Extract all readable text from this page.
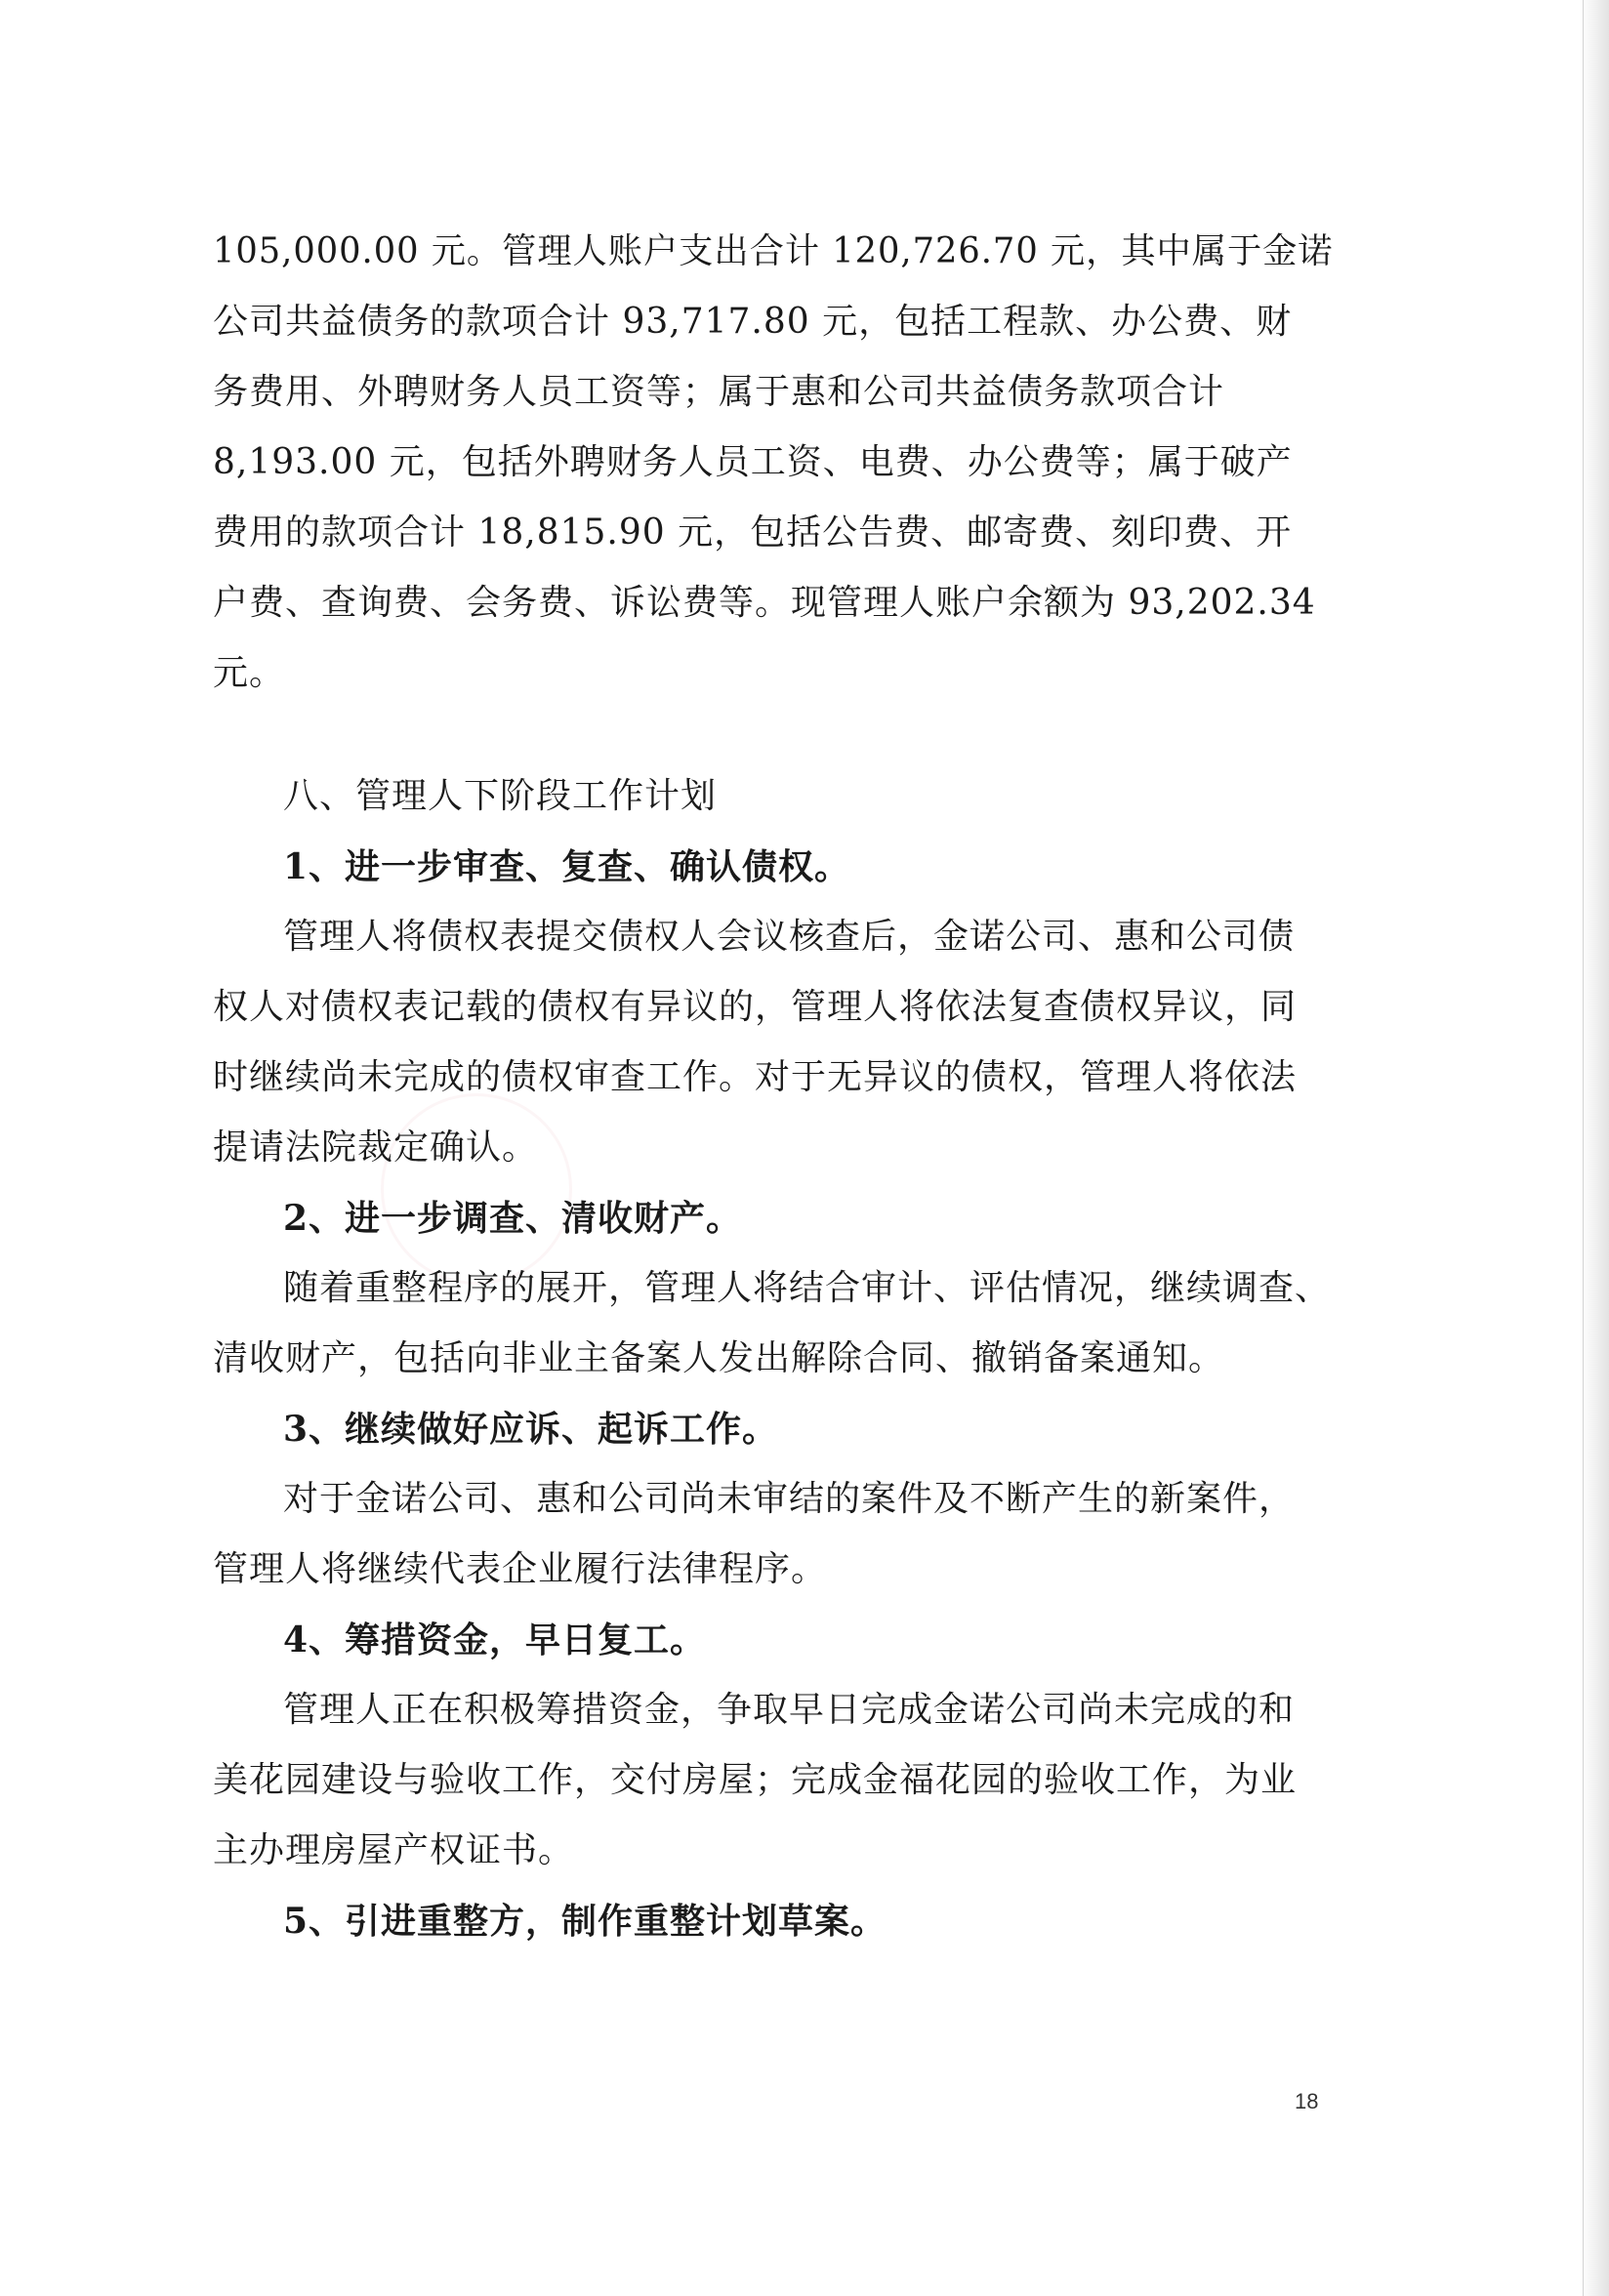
105,000.00 元。管理人账户支出合计 120,726.70 元，其中属于金诺
公司共益债务的款项合计 93,717.80 元，包括工程款、办公费、财
务费用、外聘财务人员工资等；属于惠和公司共益债务款项合计
8,193.00 元，包括外聘财务人员工资、电费、办公费等；属于破产
费用的款项合计 18,815.90 元，包括公告费、邮寄费、刻印费、开
户费、查询费、会务费、诉讼费等。现管理人账户余额为 93,202.34
元。
八、管理人下阶段工作计划
1、进一步审查、复查、确认债权。
管理人将债权表提交债权人会议核查后，金诺公司、惠和公司债
权人对债权表记载的债权有异议的，管理人将依法复查债权异议，同
时继续尚未完成的债权审查工作。对于无异议的债权，管理人将依法
提请法院裁定确认。
2、进一步调查、清收财产。
随着重整程序的展开，管理人将结合审计、评估情况，继续调查、
清收财产，包括向非业主备案人发出解除合同、撤销备案通知。
3、继续做好应诉、起诉工作。
对于金诺公司、惠和公司尚未审结的案件及不断产生的新案件，
管理人将继续代表企业履行法律程序。
4、筹措资金，早日复工。
管理人正在积极筹措资金，争取早日完成金诺公司尚未完成的和
美花园建设与验收工作，交付房屋；完成金福花园的验收工作，为业
主办理房屋产权证书。
5、引进重整方，制作重整计划草案。
18
